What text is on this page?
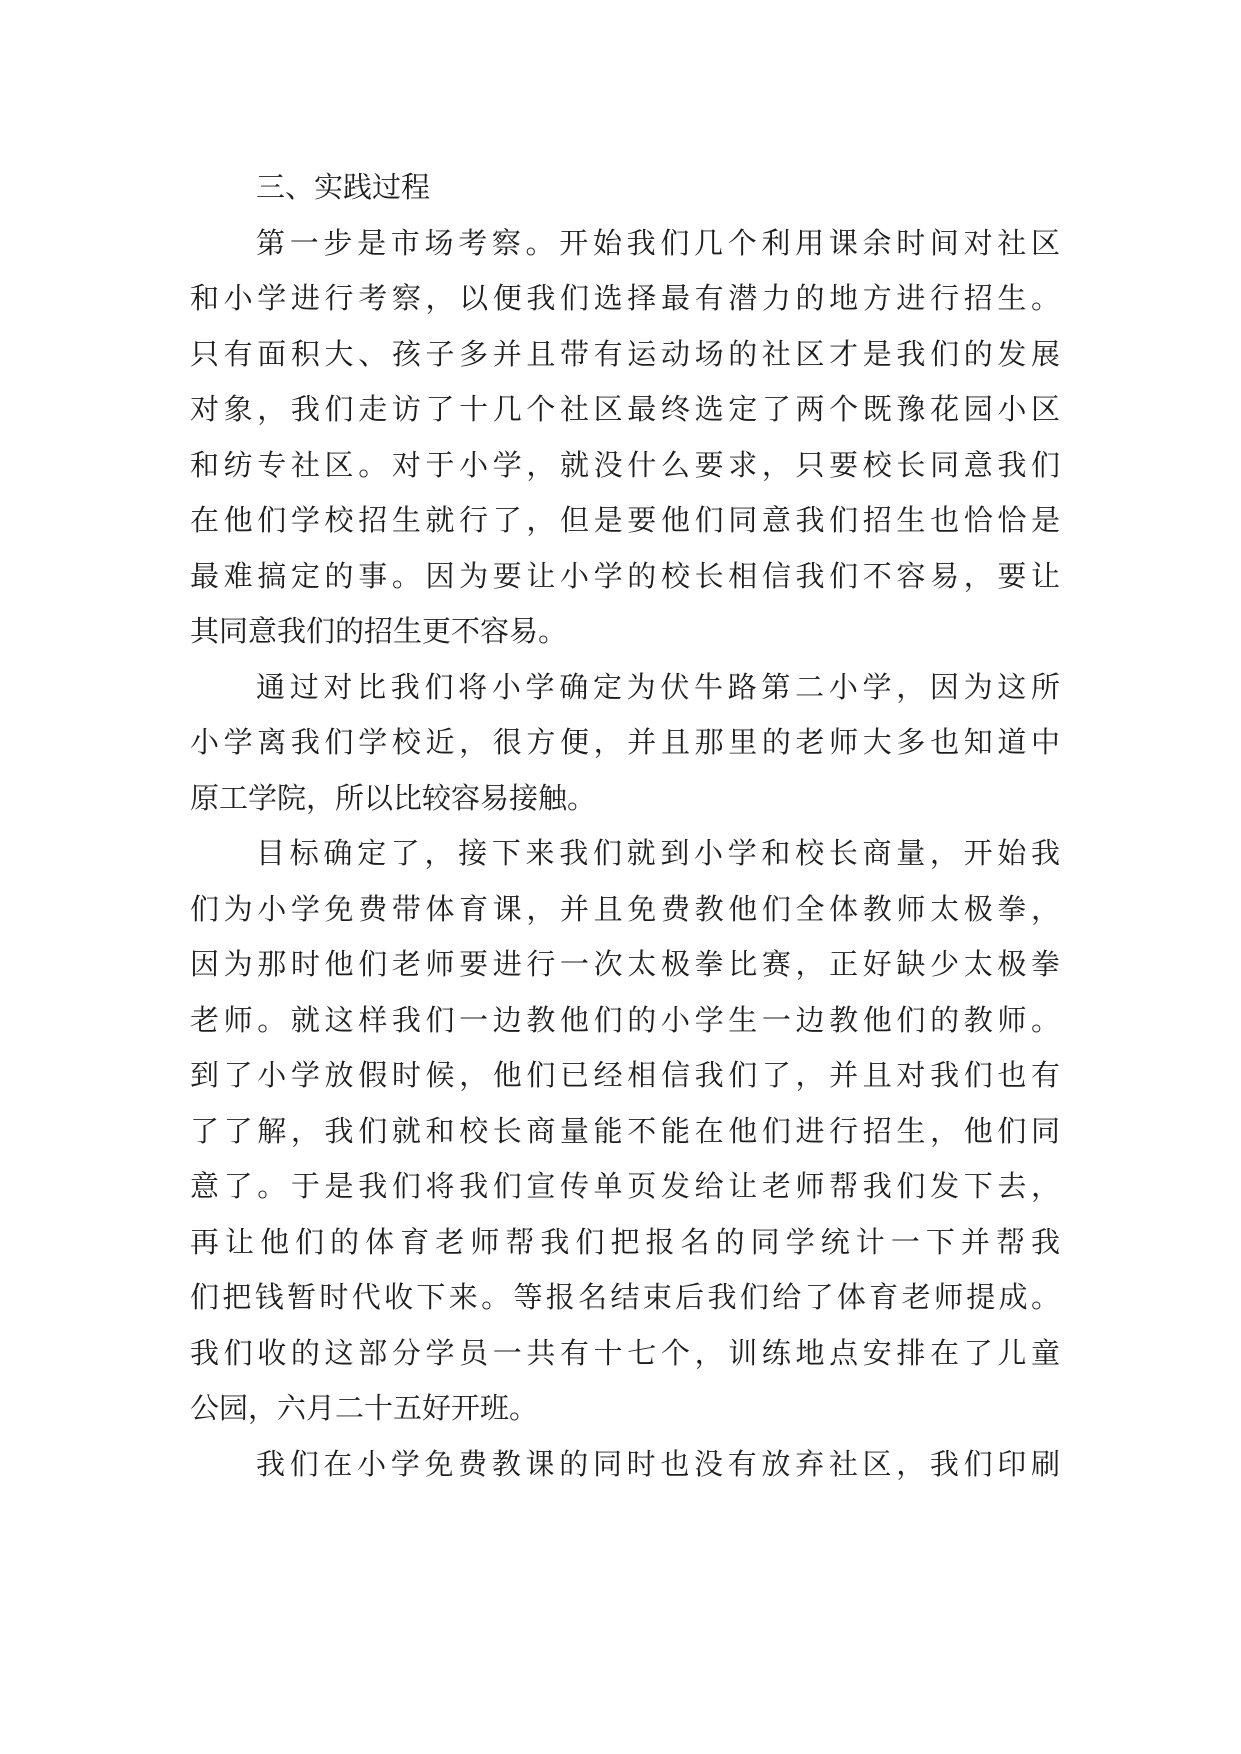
三、实践过程
第一步是市场考察。开始我们几个利用课余时间对社区
和小学进行考察，以便我们选择最有潜力的地方进行招生。
只有面积大、孩子多并且带有运动场的社区才是我们的发展
对象，我们走访了十几个社区最终选定了两个既豫花园小区
和纺专社区。对于小学，就没什么要求，只要校长同意我们
在他们学校招生就行了，但是要他们同意我们招生也恰恰是
最难搞定的事。因为要让小学的校长相信我们不容易，要让
其同意我们的招生更不容易。
通过对比我们将小学确定为伏牛路第二小学，因为这所
小学离我们学校近，很方便，并且那里的老师大多也知道中
原工学院，所以比较容易接触。
目标确定了，接下来我们就到小学和校长商量，开始我
们为小学免费带体育课，并且免费教他们全体教师太极拳，
因为那时他们老师要进行一次太极拳比赛，正好缺少太极拳
老师。就这样我们一边教他们的小学生一边教他们的教师。
到了小学放假时候，他们已经相信我们了，并且对我们也有
了了解，我们就和校长商量能不能在他们进行招生，他们同
意了。于是我们将我们宣传单页发给让老师帮我们发下去，
再让他们的体育老师帮我们把报名的同学统计一下并帮我
们把钱暂时代收下来。等报名结束后我们给了体育老师提成。
我们收的这部分学员一共有十七个，训练地点安排在了儿童
公园，六月二十五好开班。
我们在小学免费教课的同时也没有放弃社区，我们印刷
